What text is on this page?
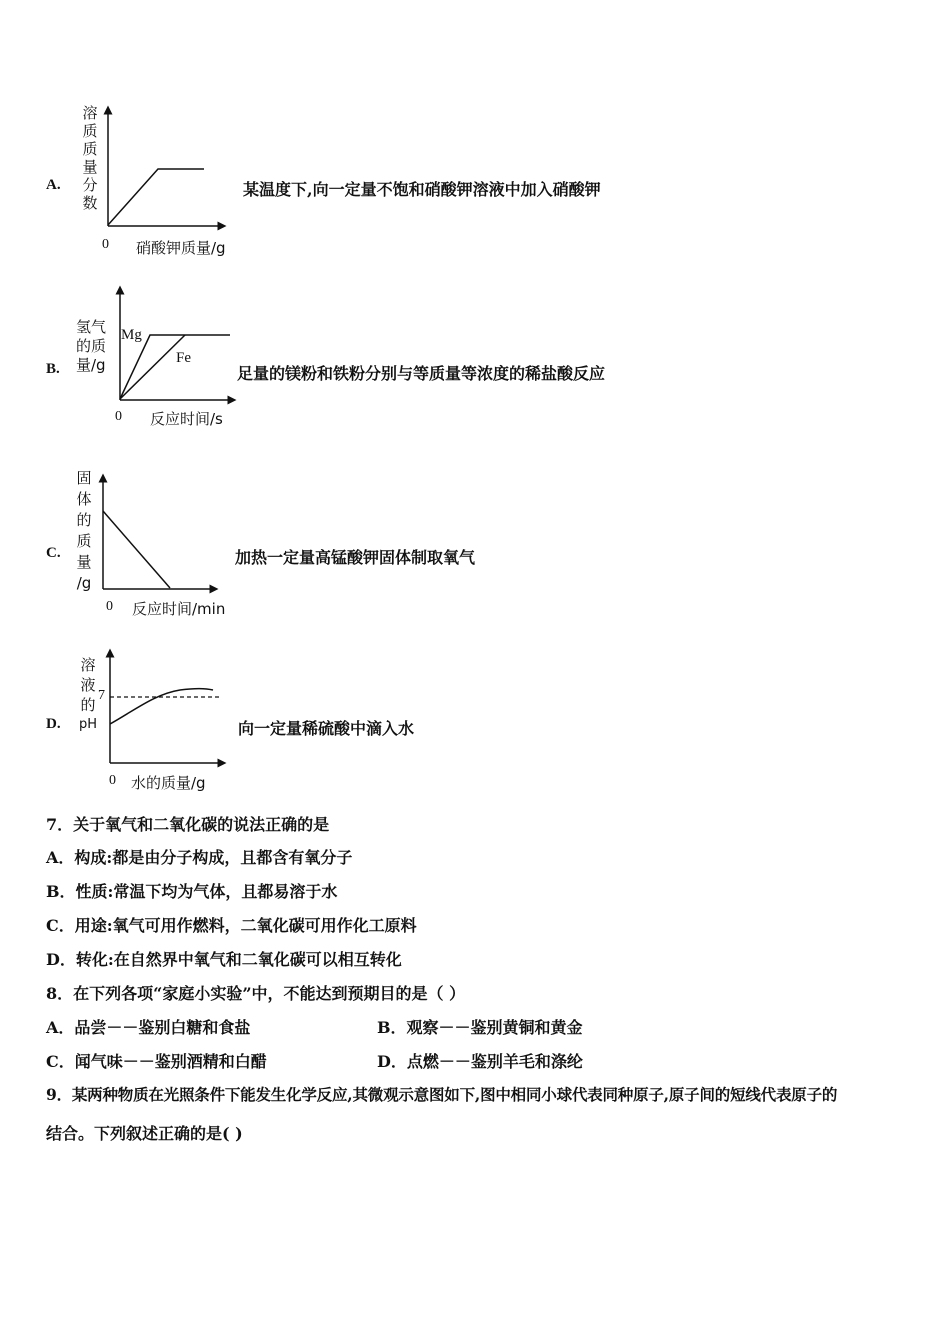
A.
溶
质
质
量
分
数
0 硝酸钾质量/g
某温度下,向一定量不饱和硝酸钾溶液中加入硝酸钾
B.
氢气
的质
量/g
Mg
Fe
0 反应时间/s
足量的镁粉和铁粉分别与等质量等浓度的稀盐酸反应
C.
固
体
的
质
量
/g
0 反应时间/min
加热一定量高锰酸钾固体制取氧气
D.
溶
液
的
pH
7
0 水的质量/g
向一定量稀硫酸中滴入水
7．关于氧气和二氧化碳的说法正确的是
A．构成:都是由分子构成，且都含有氧分子
B．性质:常温下均为气体，且都易溶于水
C．用途:氧气可用作燃料，二氧化碳可用作化工原料
D．转化:在自然界中氧气和二氧化碳可以相互转化
8．在下列各项“家庭小实验”中，不能达到预期目的是（ ）
A．品尝－－鉴别白糖和食盐	B．观察－－鉴别黄铜和黄金
C．闻气味－－鉴别酒精和白醋	D．点燃－－鉴别羊毛和涤纶
9．某两种物质在光照条件下能发生化学反应,其微观示意图如下,图中相同小球代表同种原子,原子间的短线代表原子的
结合。下列叙述正确的是( )
